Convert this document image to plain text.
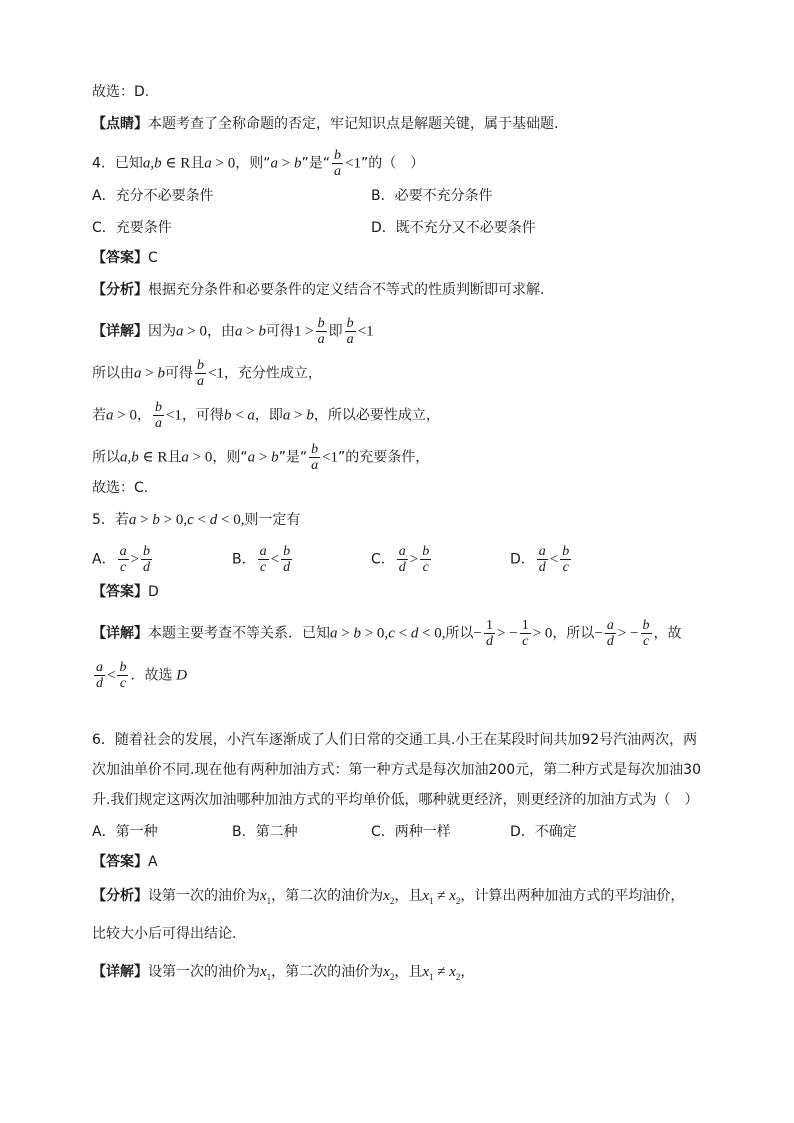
故选：D.
【点睛】本题考查了全称命题的否定，牢记知识点是解题关键，属于基础题.
4．已知a,b ∈ R且a > 0，则“a > b”是“ $\frac{b}{a} <1$”的（　）
A．充分不必要条件	B．必要不充分条件
C．充要条件	D．既不充分又不必要条件
【答案】C
【分析】根据充分条件和必要条件的定义结合不等式的性质判断即可求解.
【详解】因为a > 0，由a > b可得$1 > \frac{b}{a}$ 即 $\frac{b}{a} <1$
所以由a > b可得 $\frac{b}{a} <1$，充分性成立，
若a > 0， $\frac{b}{a} <1$，可得b < a，即a > b，所以必要性成立，
所以a,b ∈ R且a > 0，则“a > b”是“ $\frac{b}{a} <1$”的充要条件，
故选：C.
5．若a > b > 0,c < d < 0,则一定有
A． $\frac{a}{c} > \frac{b}{d}$	B． $\frac{a}{c} < \frac{b}{d}$	C． $\frac{a}{d} > \frac{b}{c}$	D． $\frac{a}{d} < \frac{b}{c}$
【答案】D
【详解】本题主要考查不等关系．已知a > b > 0,c < d < 0,所以− $\frac{1}{d}$ > − $\frac{1}{c} > 0$，所以− $\frac{a}{d}$ > − $\frac{b}{c}$ ，故
$\frac{a}{d} < \frac{b}{c}$ ．故选 D
6．随着社会的发展，小汽车逐渐成了人们日常的交通工具.小王在某段时间共加92号汽油两次，两
次加油单价不同.现在他有两种加油方式：第一种方式是每次加油200元，第二种方式是每次加油30
升.我们规定这两次加油哪种加油方式的平均单价低，哪种就更经济，则更经济的加油方式为（　）
A．第一种	B．第二种	C．两种一样	D．不确定
【答案】A
【分析】设第一次的油价为$x_1$，第二次的油价为$x_2$，且$x_1 \ne x_2$，计算出两种加油方式的平均油价，
比较大小后可得出结论.
【详解】设第一次的油价为$x_1$，第二次的油价为$x_2$，且$x_1 \ne x_2$，
